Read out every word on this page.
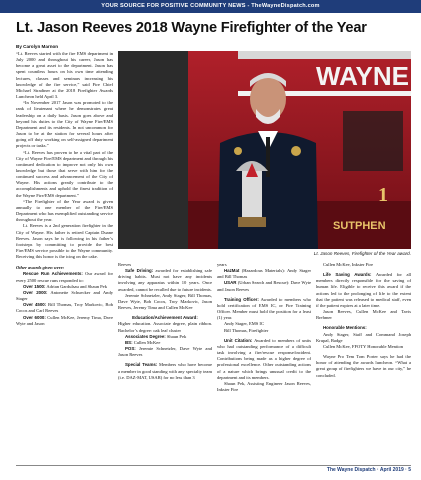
YOUR SOURCE FOR POSITIVE COMMUNITY NEWS - TheWayneDispatch.com
Lt. Jason Reeves 2018 Wayne Firefighter of the Year
By Carolyn Marnon

“Lt. Reeves started with the fire EMS department in July 2000 and throughout his career, Jason has become a great asset to the department. Jason has spent countless hours on his own time attending lectures, classes and seminars increasing his knowledge of the fire service,” said Fire Chief Michael Stradtner at the 2018 Firefighter Awards Luncheon held April 3.

“In November 2017 Jason was promoted to the rank of lieutenant where he demonstrates great leadership on a daily basis. Jason goes above and beyond his duties to the City of Wayne Fire/EMS Department and its residents. In not uncommon for Jason to be at the station for several hours after going off duty working on self-assigned department projects or tasks.”

“Lt. Reeves has proven to be a vital part of the City of Wayne Fire/EMS department and through his continued dedication to improve not only his own knowledge but those that serve with him for the continued success and advancement of the City of Wayne. His actions greatly contribute to the accomplishments and uphold the finest tradition of the Wayne Fire/EMS department.”

“The Firefighter of the Year award is given annually to one member of the Fire/EMS Department who has exemplified outstanding service throughout the year.

Lt. Reeves is a 2nd generation firefighter in the City of Wayne. His father is retired Captain Duane Reeves. Jason says he is following in his father’s footsteps by committing to provide the best Fire/EMS service possible to the Wayne community. Receiving this honor is the icing on the cake.

Other awards given were:

Rescue Run Achievements: Our award for every 2500 rescue runs responded to:

Over 1500: Adrian Gardulsau and Shaun Pek

Over 2000: Antonette Schuecker and Andy Stager

Over 4500: Bill Thomas, Troy Markovic, Bob Cocos and Carl Reeves

Over 6000: Cullen McKee, Jeremy Tima, Dave Wyte and Jason

WAYNE
SUTPHEN
1
Lt. Jason Reeves, Firefighter of the Year award.

Reeves

Safe Driving: awarded for establishing safe driving habits. Must not have any incidents involving any apparatus within 10 years. Once awarded, cannot be recalled due to future incidents.

Jeremie Schnetzler, Andy Stager, Bill Thomas, Dave Wyte, Bob Cocos, Troy Markovic, Jason Reeves, Jeremy Tima and Cullen McKee

Education/Achievement Award:

Higher education. Associate degree, plain ribbon. Bachelor’s degree: oak leaf cluster

Associates Degree: Shaun Pek

BS: Cullen McKee

POS: Jeremie Schnetzler, Dave Wyte and Jason Reeves

Special Teams: Members who have become a member in good standing with any specialty team (i.e. DAZ-MAT, USAR) for no less than 3

years

HazMat (Hazardous Materials): Andy Stager and Bill Thomas

USAR (Urban Search and Rescue): Dave Wyte and Jason Reeves

Training Officer: Awarded to members who hold certification of EMS IC, or Fire Training Officer. Member must hold the position for a least (1) year.

Andy Stager, EMS IC

Bill Thomas, Firefighter

Unit Citation: Awarded to members of units who had outstanding performance of a difficult task involving a fire/rescue response/incident. Contributions being made as a higher degree of professional excellence. Other outstanding actions of a nature which brings unusual credit to the department and its members.

Shaun Pek, Assisting Engineer Jason Reeves, Inkster Fire

Cullen McKee, Inkster Fire

Life Saving Awards: Awarded for all members directly responsible for the saving of human life. Eligible to receive this award if the actions led to the prolonging of life to the extent that the patient was released to medical staff, even if the patient expires at a later time.

Jason Reeves, Cullen McKee and Tavis Brehmer

Honorable Mentions:

Andy Stager, Staff and Command Joseph Krupal, Badge

Cullen McKee, FFOTY Honorable Mention

Wayne Pro Tem Tom Porter says he had the honor of attending the awards luncheon. “What a great group of firefighters we have in our city,” he concluded.

The Wayne Dispatch · April 2019 · 5
